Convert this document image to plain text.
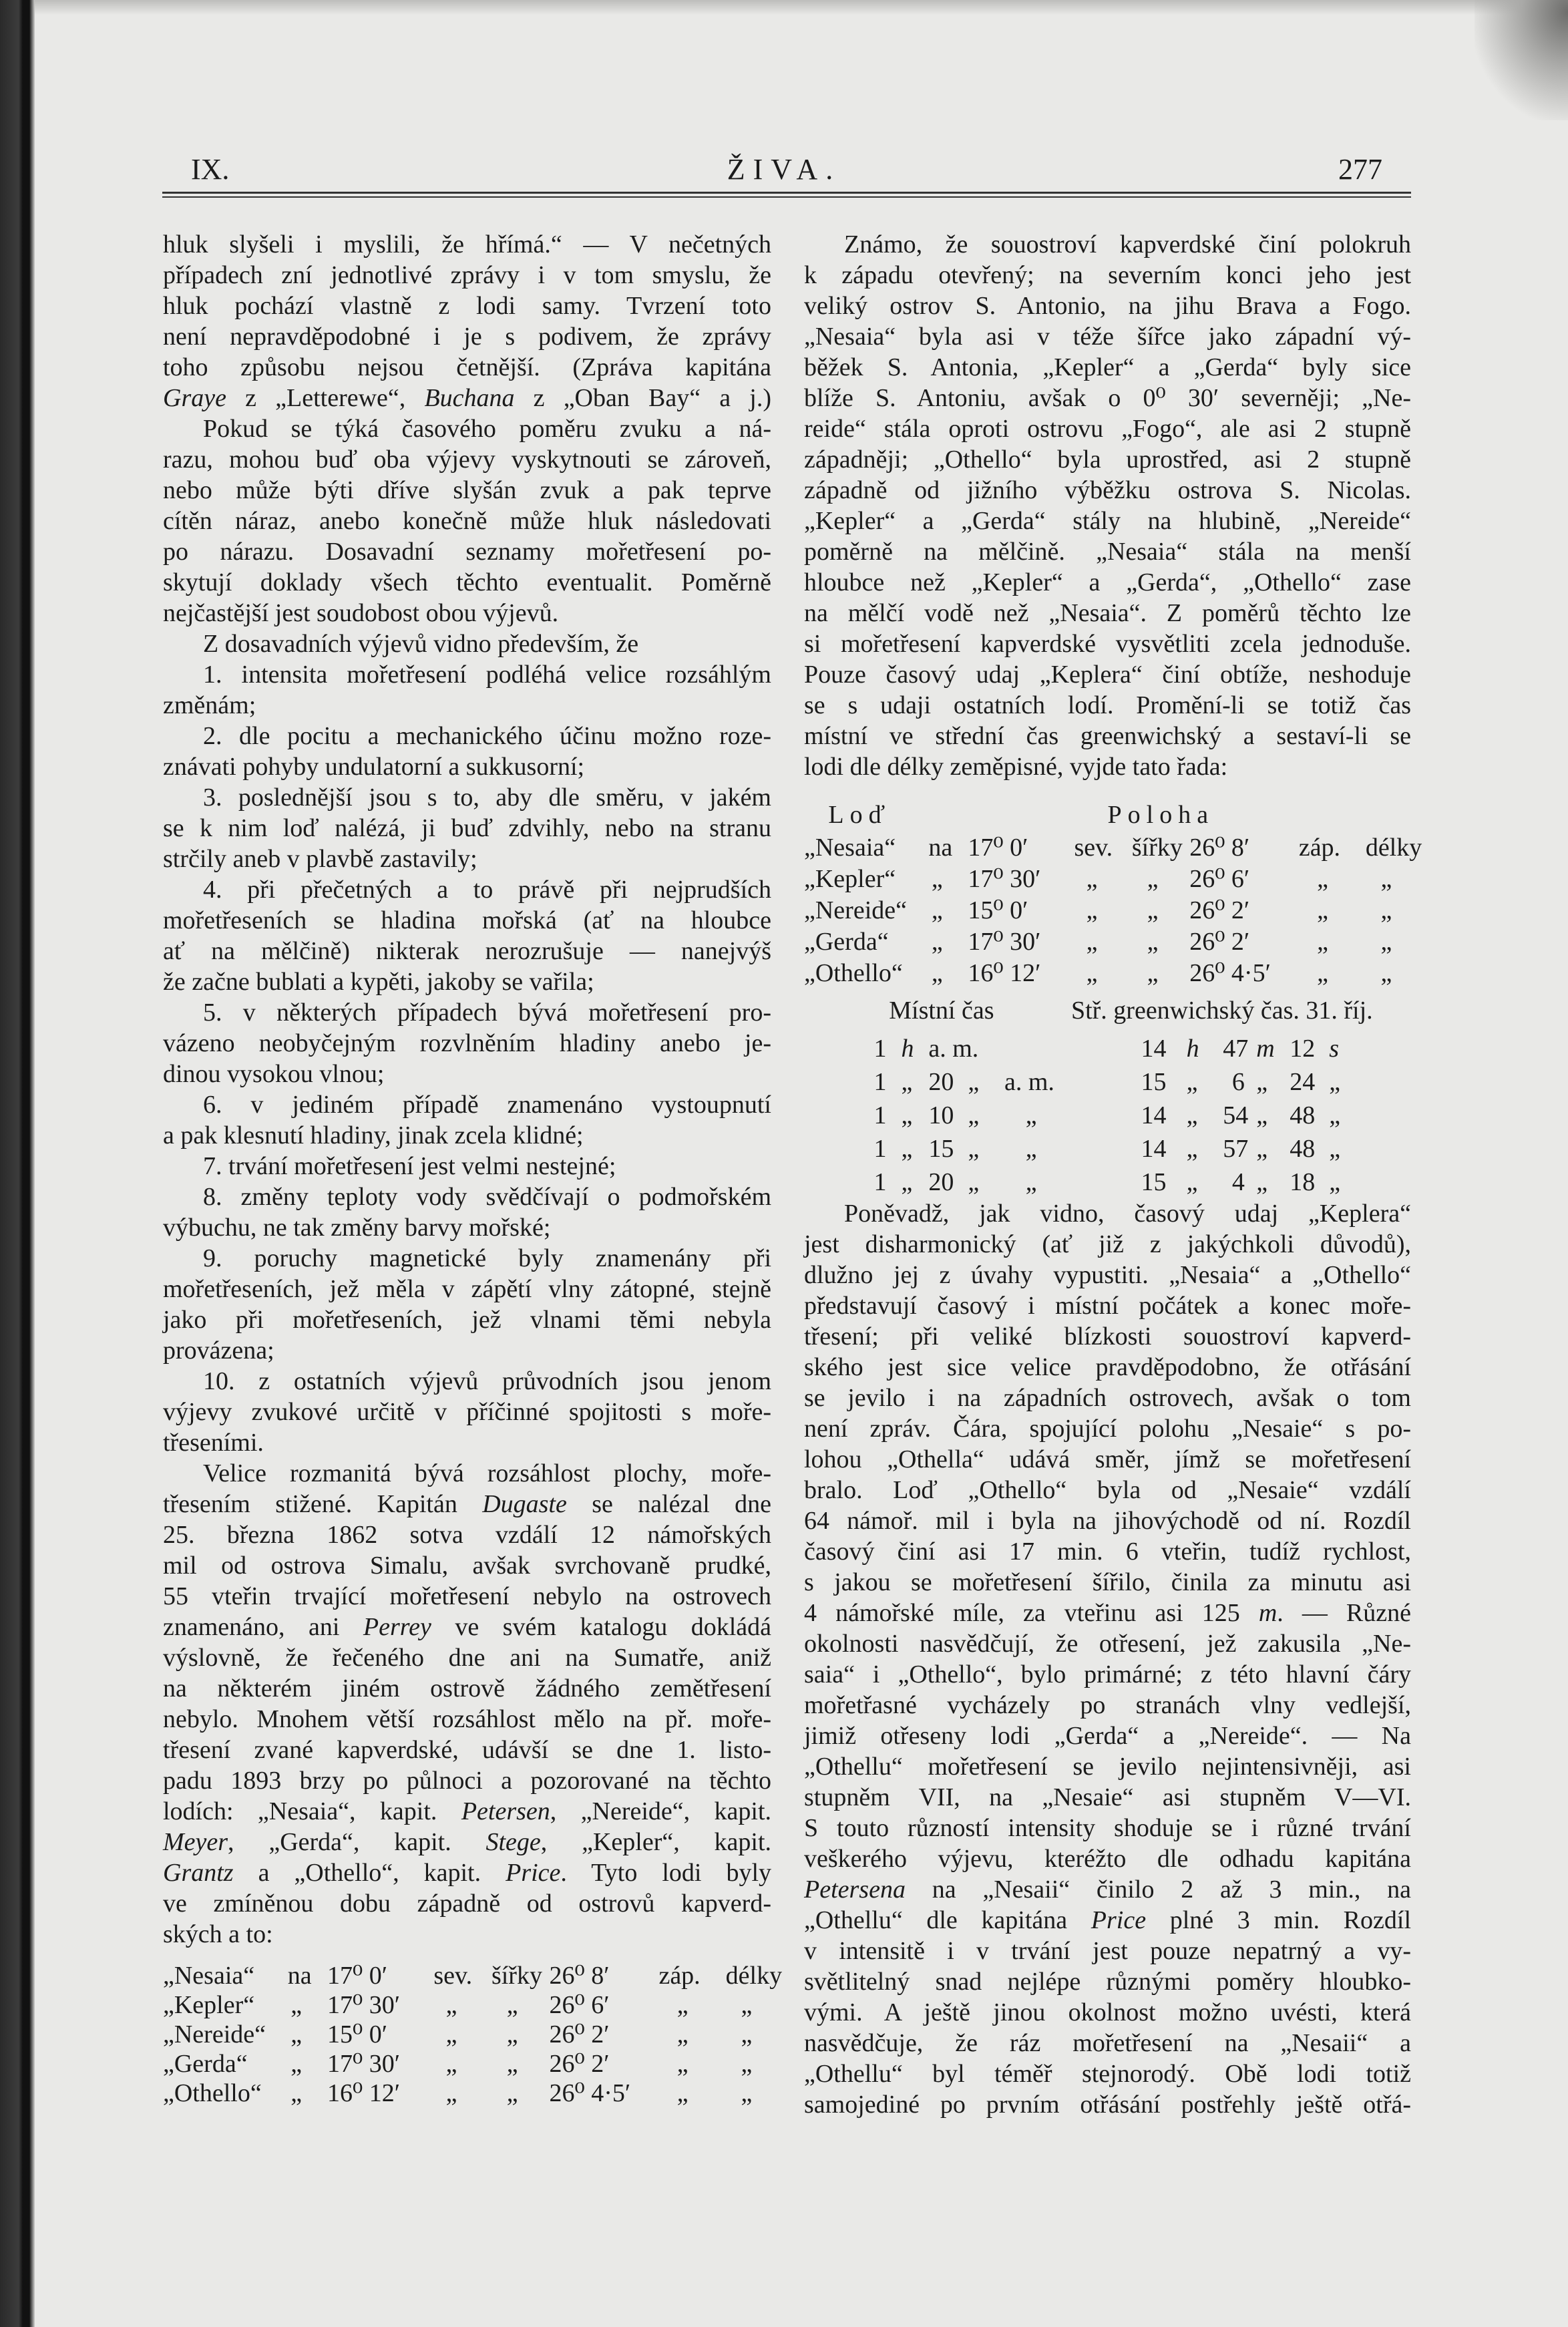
IX.	ŽIVA.	277
hluk slyšeli i myslili, že hřímá.“ — V nečetných
případech zní jednotlivé zprávy i v tom smyslu, že
hluk pochází vlastně z lodi samy. Tvrzení toto
není nepravděpodobné i je s podivem, že zprávy
toho způsobu nejsou četnější. (Zpráva kapitána
Graye z „Letterewe“, Buchana z „Oban Bay“ a j.)
Pokud se týká časového poměru zvuku a ná-
razu, mohou buď oba výjevy vyskytnouti se zároveň,
nebo může býti dříve slyšán zvuk a pak teprve
cítěn náraz, anebo konečně může hluk následovati
po nárazu. Dosavadní seznamy mořetřesení po-
skytují doklady všech těchto eventualit. Poměrně
nejčastější jest soudobost obou výjevů.
Z dosavadních výjevů vidno především, že
1. intensita mořetřesení podléhá velice rozsáhlým
změnám;
2. dle pocitu a mechanického účinu možno roze-
znávati pohyby undulatorní a sukkusorní;
3. poslednější jsou s to, aby dle směru, v jakém
se k nim loď nalézá, ji buď zdvihly, nebo na stranu
strčily aneb v plavbě zastavily;
4. při přečetných a to právě při nejprudších
mořetřeseních se hladina mořská (ať na hloubce
ať na mělčině) nikterak nerozrušuje — nanejvýš
že začne bublati a kypěti, jakoby se vařila;
5. v některých případech bývá mořetřesení pro-
vázeno neobyčejným rozvlněním hladiny anebo je-
dinou vysokou vlnou;
6. v jediném případě znamenáno vystoupnutí
a pak klesnutí hladiny, jinak zcela klidné;
7. trvání mořetřesení jest velmi nestejné;
8. změny teploty vody svědčívají o podmořském
výbuchu, ne tak změny barvy mořské;
9. poruchy magnetické byly znamenány při
mořetřeseních, jež měla v zápětí vlny zátopné, stejně
jako při mořetřeseních, jež vlnami těmi nebyla
provázena;
10. z ostatních výjevů průvodních jsou jenom
výjevy zvukové určitě v příčinné spojitosti s moře-
třeseními.
Velice rozmanitá bývá rozsáhlost plochy, moře-
třesením stižené. Kapitán Dugaste se nalézal dne
25. března 1862 sotva vzdálí 12 námořských
mil od ostrova Simalu, avšak svrchovaně prudké,
55 vteřin trvající mořetřesení nebylo na ostrovech
znamenáno, ani Perrey ve svém katalogu dokládá
výslovně, že řečeného dne ani na Sumatře, aniž
na některém jiném ostrově žádného zemětřesení
nebylo. Mnohem větší rozsáhlost mělo na př. moře-
třesení zvané kapverdské, udávší se dne 1. listo-
padu 1893 brzy po půlnoci a pozorované na těchto
lodích: „Nesaia“, kapit. Petersen, „Nereide“, kapit.
Meyer, „Gerda“, kapit. Stege, „Kepler“, kapit.
Grantz a „Othello“, kapit. Price. Tyto lodi byly
ve zmíněnou dobu západně od ostrovů kapverd-
ských a to:
„Nesaia“ na 17⁰ 0′ sev. šířky 26⁰ 8′ záp. délky
„Kepler“ „ 17⁰ 30′ „ „ 26⁰ 6′	„ „
„Nereide“ „ 15⁰ 0′ „ „ 26⁰ 2′	„ „
„Gerda“ „ 17⁰ 30′ „ „ 26⁰ 2′	„ „
„Othello“ „ 16⁰ 12′ „ „ 26⁰ 4·5′ „ „
Známo, že souostroví kapverdské činí polokruh
k západu otevřený; na severním konci jeho jest
veliký ostrov S. Antonio, na jihu Brava a Fogo.
„Nesaia“ byla asi v téže šířce jako západní vý-
běžek S. Antonia, „Kepler“ a „Gerda“ byly sice
blíže S. Antoniu, avšak o 0⁰ 30′ severněji; „Ne-
reide“ stála oproti ostrovu „Fogo“, ale asi 2 stupně
západněji; „Othello“ byla uprostřed, asi 2 stupně
západně od jižního výběžku ostrova S. Nicolas.
„Kepler“ a „Gerda“ stály na hlubině, „Nereide“
poměrně na mělčině. „Nesaia“ stála na menší
hloubce než „Kepler“ a „Gerda“, „Othello“ zase
na mělčí vodě než „Nesaia“. Z poměrů těchto lze
si mořetřesení kapverdské vysvětliti zcela jednoduše.
Pouze časový udaj „Keplera“ činí obtíže, neshoduje
se s udaji ostatních lodí. Promění-li se totiž čas
místní ve střední čas greenwichský a sestaví-li se
lodi dle délky zeměpisné, vyjde tato řada:
Loď	Poloha
„Nesaia“ na 17⁰ 0′ sev. šířky 26⁰ 8′ záp. délky
„Kepler“ „ 17⁰ 30′ „ „ 26⁰ 6′	„ „
„Nereide“ „ 15⁰ 0′ „ „ 26⁰ 2′	„ „
„Gerda“ „ 17⁰ 30′ „ „ 26⁰ 2′	„ „
„Othello“ „ 16⁰ 12′ „ „ 26⁰ 4·5′ „ „
Místní čas	Stř. greenwichský čas. 31. říj.
1 h a. m.	14 h 47 m 12 s
1 „ 20 „ a. m.	15 „ 6 „ 24 „
1 „ 10 „ „	14 „ 54 „ 48 „
1 „ 15 „ „	14 „ 57 „ 48 „
1 „ 20 „ „	15 „ 4 „ 18 „
Poněvadž, jak vidno, časový udaj „Keplera“
jest disharmonický (ať již z jakýchkoli důvodů),
dlužno jej z úvahy vypustiti. „Nesaia“ a „Othello“
představují časový i místní počátek a konec moře-
třesení; při veliké blízkosti souostroví kapverd-
ského jest sice velice pravděpodobno, že otřásání
se jevilo i na západních ostrovech, avšak o tom
není zpráv. Čára, spojující polohu „Nesaie“ s po-
lohou „Othella“ udává směr, jímž se mořetřesení
bralo. Loď „Othello“ byla od „Nesaie“ vzdálí
64 námoř. mil i byla na jihovýchodě od ní. Rozdíl
časový činí asi 17 min. 6 vteřin, tudíž rychlost,
s jakou se mořetřesení šířilo, činila za minutu asi
4 námořské míle, za vteřinu asi 125 m. — Různé
okolnosti nasvědčují, že otřesení, jež zakusila „Ne-
saia“ i „Othello“, bylo primárné; z této hlavní čáry
mořetřasné vycházely po stranách vlny vedlejší,
jimiž otřeseny lodi „Gerda“ a „Nereide“. — Na
„Othellu“ mořetřesení se jevilo nejintensivněji, asi
stupněm VII, na „Nesaie“ asi stupněm V—VI.
S touto růzností intensity shoduje se i různé trvání
veškerého výjevu, kteréžto dle odhadu kapitána
Petersena na „Nesaii“ činilo 2 až 3 min., na
„Othellu“ dle kapitána Price plné 3 min. Rozdíl
v intensitě i v trvání jest pouze nepatrný a vy-
světlitelný snad nejlépe různými poměry hloubko-
vými. A ještě jinou okolnost možno uvésti, která
nasvědčuje, že ráz mořetřesení na „Nesaii“ a
„Othellu“ byl téměř stejnorodý. Obě lodi totiž
samojediné po prvním otřásání postřehly ještě otřá-
